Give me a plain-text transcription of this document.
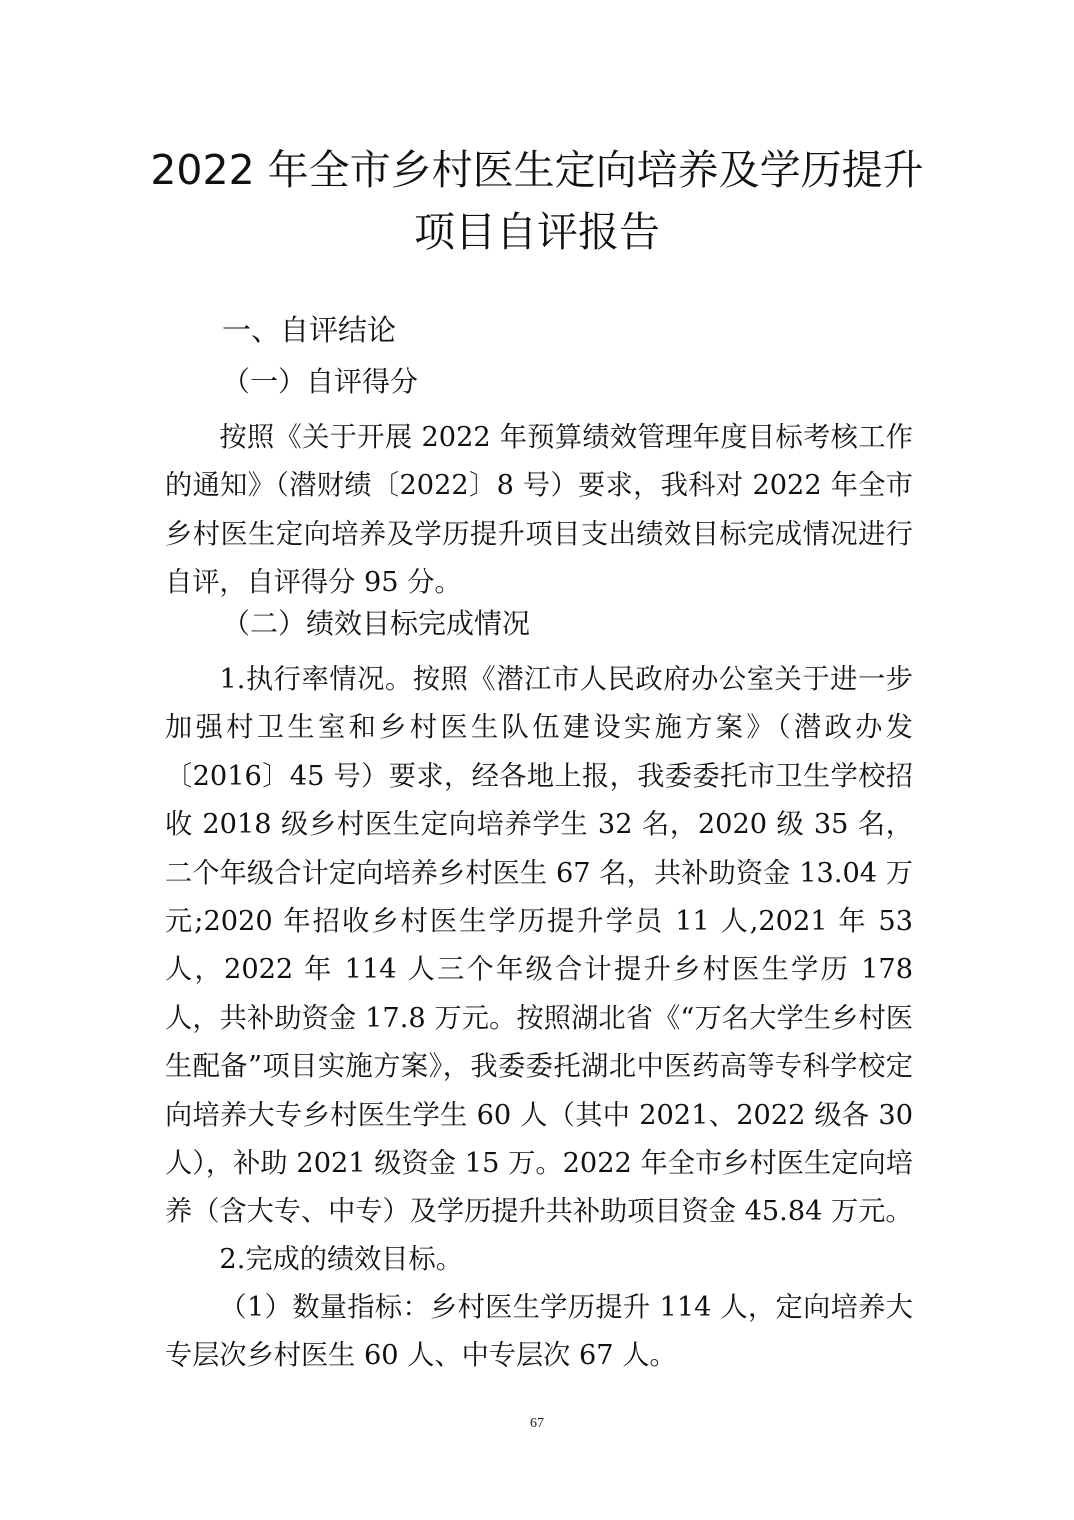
2022 年全市乡村医生定向培养及学历提升
项目自评报告
一、自评结论
（一）自评得分
按照《关于开展 2022 年预算绩效管理年度目标考核工作的通知》（潜财绩〔2022〕8 号）要求，我科对 2022 年全市乡村医生定向培养及学历提升项目支出绩效目标完成情况进行自评，自评得分 95 分。
（二）绩效目标完成情况
1.执行率情况。按照《潜江市人民政府办公室关于进一步加强村卫生室和乡村医生队伍建设实施方案》（潜政办发〔2016〕45 号）要求，经各地上报，我委委托市卫生学校招收 2018 级乡村医生定向培养学生 32 名，2020 级 35 名，二个年级合计定向培养乡村医生 67 名，共补助资金 13.04 万元;2020 年招收乡村医生学历提升学员 11 人,2021 年 53 人，2022 年 114 人三个年级合计提升乡村医生学历 178 人，共补助资金 17.8 万元。按照湖北省《“万名大学生乡村医生配备”项目实施方案》，我委委托湖北中医药高等专科学校定向培养大专乡村医生学生 60 人（其中 2021、2022 级各 30 人），补助 2021 级资金 15 万。2022 年全市乡村医生定向培养（含大专、中专）及学历提升共补助项目资金 45.84 万元。
2.完成的绩效目标。
（1）数量指标：乡村医生学历提升 114 人，定向培养大专层次乡村医生 60 人、中专层次 67 人。
67
